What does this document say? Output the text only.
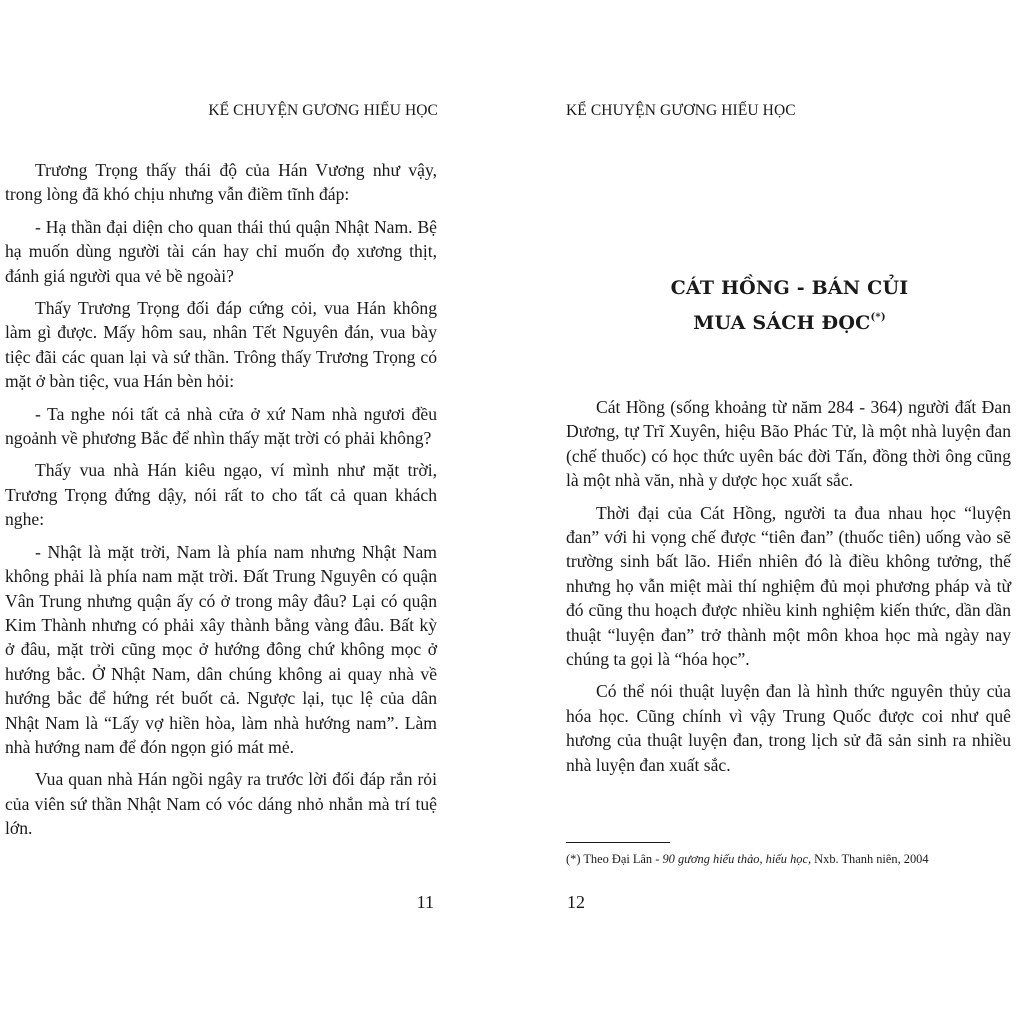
KỂ CHUYỆN GƯƠNG HIẾU HỌC

Trương Trọng thấy thái độ của Hán Vương như vậy, trong lòng đã khó chịu nhưng vẫn điềm tĩnh đáp:

- Hạ thần đại diện cho quan thái thú quận Nhật Nam. Bệ hạ muốn dùng người tài cán hay chỉ muốn đọ xương thịt, đánh giá người qua vẻ bề ngoài?

Thấy Trương Trọng đối đáp cứng cỏi, vua Hán không làm gì được. Mấy hôm sau, nhân Tết Nguyên đán, vua bày tiệc đãi các quan lại và sứ thần. Trông thấy Trương Trọng có mặt ở bàn tiệc, vua Hán bèn hỏi:

- Ta nghe nói tất cả nhà cửa ở xứ Nam nhà ngươi đều ngoảnh về phương Bắc để nhìn thấy mặt trời có phải không?

Thấy vua nhà Hán kiêu ngạo, ví mình như mặt trời, Trương Trọng đứng dậy, nói rất to cho tất cả quan khách nghe:

- Nhật là mặt trời, Nam là phía nam nhưng Nhật Nam không phải là phía nam mặt trời. Đất Trung Nguyên có quận Vân Trung nhưng quận ấy có ở trong mây đâu? Lại có quận Kim Thành nhưng có phải xây thành bằng vàng đâu. Bất kỳ ở đâu, mặt trời cũng mọc ở hướng đông chứ không mọc ở hướng bắc. Ở Nhật Nam, dân chúng không ai quay nhà về hướng bắc để hứng rét buốt cả. Ngược lại, tục lệ của dân Nhật Nam là “Lấy vợ hiền hòa, làm nhà hướng nam”. Làm nhà hướng nam để đón ngọn gió mát mẻ.

Vua quan nhà Hán ngồi ngây ra trước lời đối đáp rắn rỏi của viên sứ thần Nhật Nam có vóc dáng nhỏ nhắn mà trí tuệ lớn.

11
KỂ CHUYỆN GƯƠNG HIẾU HỌC
CÁT HỒNG - BÁN CỦI
MUA SÁCH ĐỌC(*)

Cát Hồng (sống khoảng từ năm 284 - 364) người đất Đan Dương, tự Trĩ Xuyên, hiệu Bão Phác Tử, là một nhà luyện đan (chế thuốc) có học thức uyên bác đời Tấn, đồng thời ông cũng là một nhà văn, nhà y dược học xuất sắc.

Thời đại của Cát Hồng, người ta đua nhau học “luyện đan” với hi vọng chế được “tiên đan” (thuốc tiên) uống vào sẽ trường sinh bất lão. Hiển nhiên đó là điều không tưởng, thế nhưng họ vẫn miệt mài thí nghiệm đủ mọi phương pháp và từ đó cũng thu hoạch được nhiều kinh nghiệm kiến thức, dần dần thuật “luyện đan” trở thành một môn khoa học mà ngày nay chúng ta gọi là “hóa học”.

Có thể nói thuật luyện đan là hình thức nguyên thủy của hóa học. Cũng chính vì vậy Trung Quốc được coi như quê hương của thuật luyện đan, trong lịch sử đã sản sinh ra nhiều nhà luyện đan xuất sắc.

(*) Theo Đại Lân - 90 gương hiếu thảo, hiếu học, Nxb. Thanh niên, 2004
12
